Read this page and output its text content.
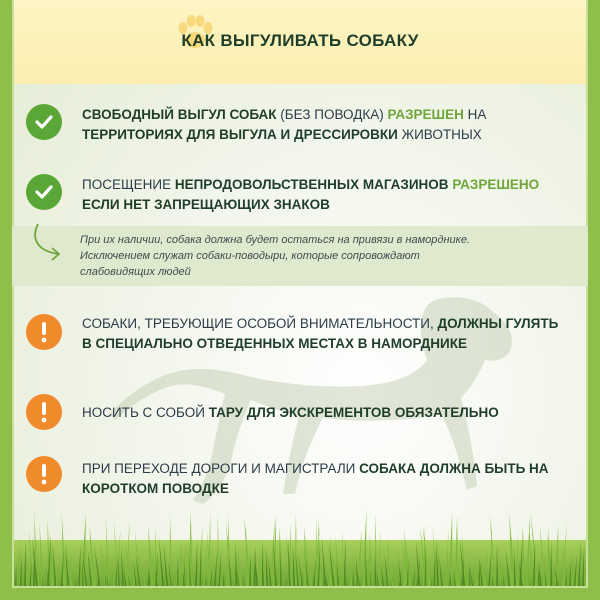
КАК ВЫГУЛИВАТЬ СОБАКУ
СВОБОДНЫЙ ВЫГУЛ СОБАК (БЕЗ ПОВОДКА) РАЗРЕШЕН НА ТЕРРИТОРИЯХ ДЛЯ ВЫГУЛА И ДРЕССИРОВКИ ЖИВОТНЫХ
ПОСЕЩЕНИЕ НЕПРОДОВОЛЬСТВЕННЫХ МАГАЗИНОВ РАЗРЕШЕНО ЕСЛИ НЕТ ЗАПРЕЩАЮЩИХ ЗНАКОВ
При их наличии, собака должна будет остаться на привязи в наморднике.
Исключением служат собаки-поводыри, которые сопровождают
слабовидящих людей
СОБАКИ, ТРЕБУЮЩИЕ ОСОБОЙ ВНИМАТЕЛЬНОСТИ, ДОЛЖНЫ ГУЛЯТЬ В СПЕЦИАЛЬНО ОТВЕДЕННЫХ МЕСТАХ В НАМОРДНИКЕ
НОСИТЬ С СОБОЙ ТАРУ ДЛЯ ЭКСКРЕМЕНТОВ ОБЯЗАТЕЛЬНО
ПРИ ПЕРЕХОДЕ ДОРОГИ И МАГИСТРАЛИ СОБАКА ДОЛЖНА БЫТЬ НА КОРОТКОМ ПОВОДКЕ
